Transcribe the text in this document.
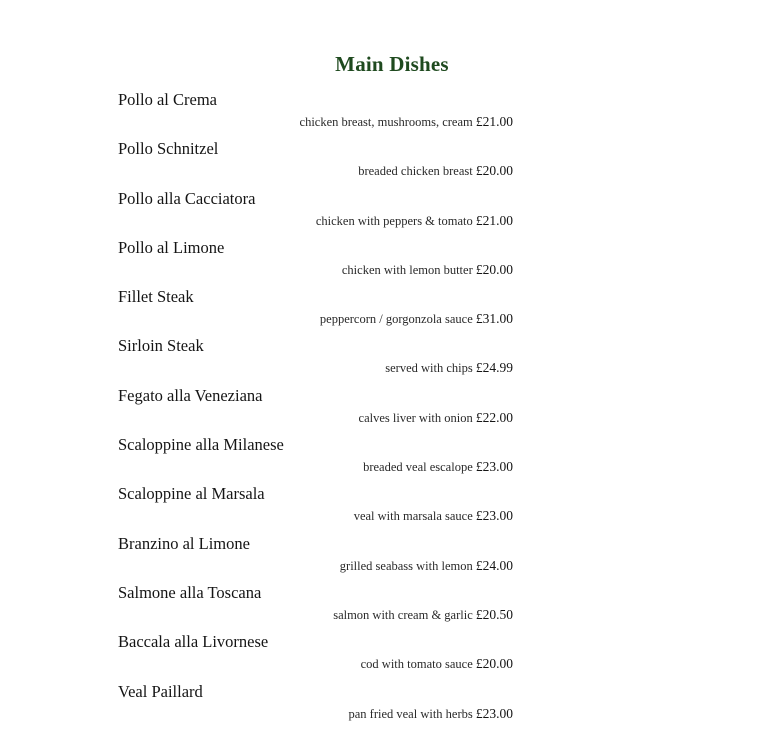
Main Dishes
Pollo al Crema
chicken breast, mushrooms, cream £21.00
Pollo Schnitzel
breaded chicken breast £20.00
Pollo alla Cacciatora
chicken with peppers & tomato £21.00
Pollo al Limone
chicken with lemon butter £20.00
Fillet Steak
peppercorn / gorgonzola sauce £31.00
Sirloin Steak
served with chips £24.99
Fegato alla Veneziana
calves liver with onion £22.00
Scaloppine alla Milanese
breaded veal escalope £23.00
Scaloppine al Marsala
veal with marsala sauce £23.00
Branzino al Limone
grilled seabass with lemon £24.00
Salmone alla Toscana
salmon with cream & garlic £20.50
Baccala alla Livornese
cod with tomato sauce £20.00
Veal Paillard
pan fried veal with herbs £23.00
